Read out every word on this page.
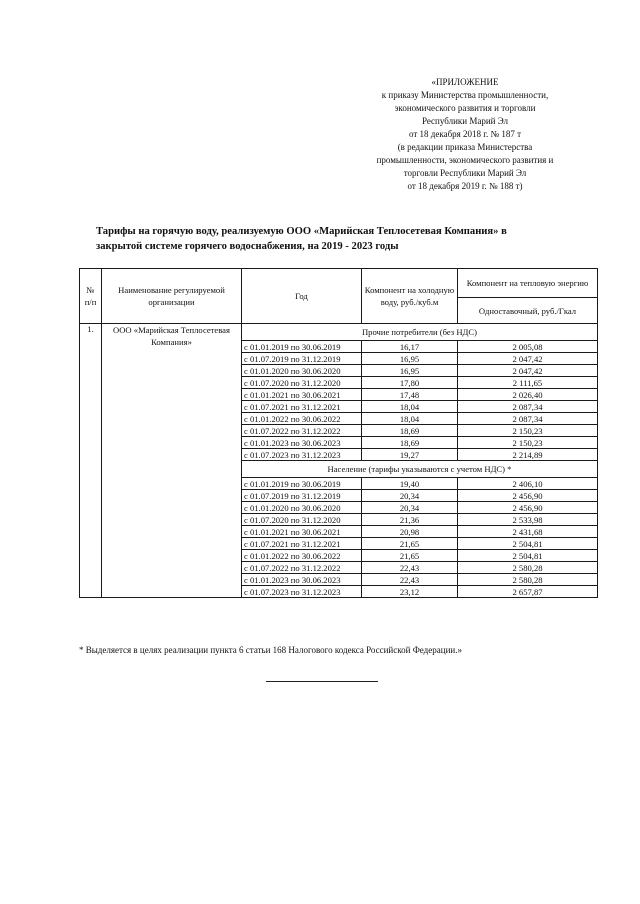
«ПРИЛОЖЕНИЕ
к приказу Министерства промышленности,
экономического развития и торговли
Республики Марий Эл
от 18 декабря 2018 г. № 187 т
(в редакции приказа Министерства
промышленности, экономического развития и
торговли Республики Марий Эл
от 18 декабря 2019 г. № 188 т)
Тарифы на горячую воду, реализуемую ООО «Марийская Теплосетевая Компания» в
закрытой системе горячего водоснабжения, на 2019 - 2023 годы
№ п/п	Наименование регулируемой организации	Год	Компонент на холодную воду, руб./куб.м	Компонент на тепловую энергию
				Одноставочный, руб./Гкал
1.	ООО «Марийская Теплосетевая Компания»	Прочие потребители (без НДС)		
		с 01.01.2019 по 30.06.2019	16,17	2 005,08
		с 01.07.2019 по 31.12.2019	16,95	2 047,42
		с 01.01.2020 по 30.06.2020	16,95	2 047,42
		с 01.07.2020 по 31.12.2020	17,80	2 111,65
		с 01.01.2021 по 30.06.2021	17,48	2 026,40
		с 01.07.2021 по 31.12.2021	18,04	2 087,34
		с 01.01.2022 по 30.06.2022	18,04	2 087,34
		с 01.07.2022 по 31.12.2022	18,69	2 150,23
		с 01.01.2023 по 30.06.2023	18,69	2 150,23
		с 01.07.2023 по 31.12.2023	19,27	2 214,89
		Население (тарифы указываются с учетом НДС) *		
		с 01.01.2019 по 30.06.2019	19,40	2 406,10
		с 01.07.2019 по 31.12.2019	20,34	2 456,90
		с 01.01.2020 по 30.06.2020	20,34	2 456,90
		с 01.07.2020 по 31.12.2020	21,36	2 533,98
		с 01.01.2021 по 30.06.2021	20,98	2 431,68
		с 01.07.2021 по 31.12.2021	21,65	2 504,81
		с 01.01.2022 по 30.06.2022	21,65	2 504,81
		с 01.07.2022 по 31.12.2022	22,43	2 580,28
		с 01.01.2023 по 30.06.2023	22,43	2 580,28
		с 01.07.2023 по 31.12.2023	23,12	2 657,87
* Выделяется в целях реализации пункта 6 статьи 168 Налогового кодекса Российской Федерации.»
